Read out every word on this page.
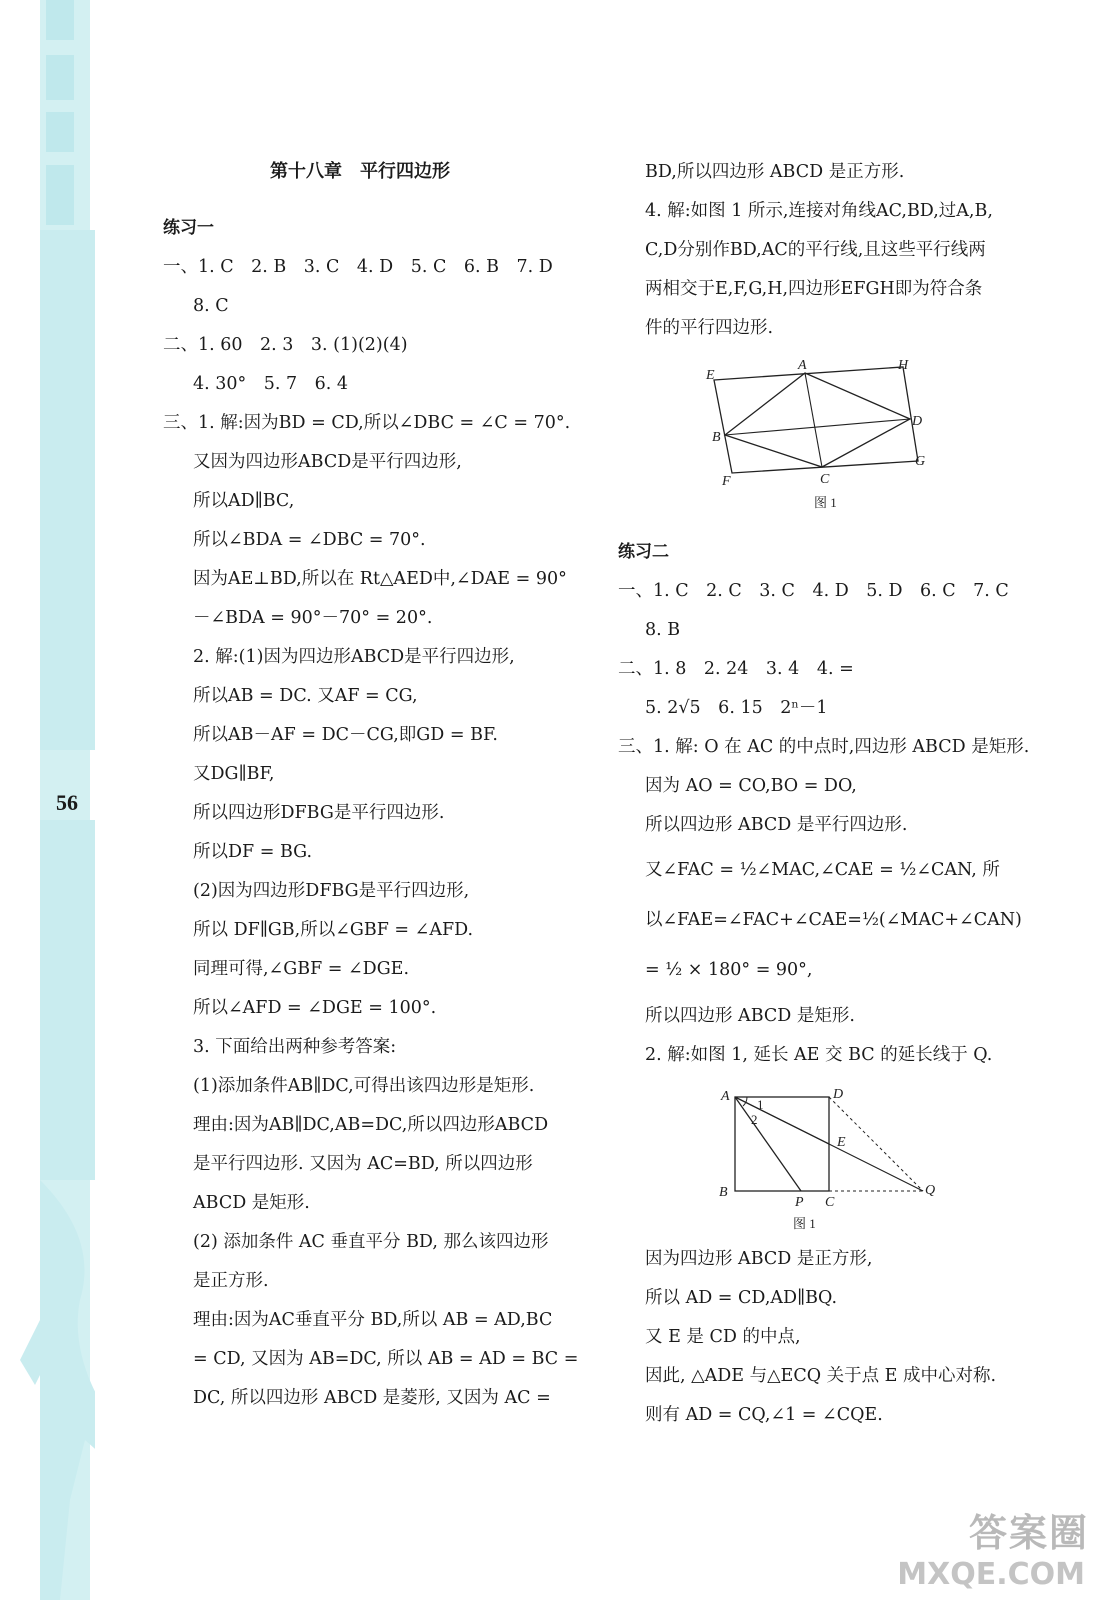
56
第十八章　平行四边形
练习一
一、1. C　2. B　3. C　4. D　5. C　6. B　7. D
8. C
二、1. 60　2. 3　3. (1)(2)(4)
4. 30°　5. 7　6. 4
三、1. 解:因为BD = CD,所以∠DBC = ∠C = 70°.
又因为四边形ABCD是平行四边形,
所以AD∥BC,
所以∠BDA = ∠DBC = 70°.
因为AE⊥BD,所以在 Rt△AED中,∠DAE = 90°
－∠BDA = 90°－70° = 20°.
2. 解:(1)因为四边形ABCD是平行四边形,
所以AB = DC. 又AF = CG,
所以AB－AF = DC－CG,即GD = BF.
又DG∥BF,
所以四边形DFBG是平行四边形.
所以DF = BG.
(2)因为四边形DFBG是平行四边形,
所以 DF∥GB,所以∠GBF = ∠AFD.
同理可得,∠GBF = ∠DGE.
所以∠AFD = ∠DGE = 100°.
3. 下面给出两种参考答案:
(1)添加条件AB∥DC,可得出该四边形是矩形.
理由:因为AB∥DC,AB=DC,所以四边形ABCD
是平行四边形. 又因为 AC=BD, 所以四边形
ABCD 是矩形.
(2) 添加条件 AC 垂直平分 BD, 那么该四边形
是正方形.
理由:因为AC垂直平分 BD,所以 AB = AD,BC
= CD, 又因为 AB=DC, 所以 AB = AD = BC =
DC, 所以四边形 ABCD 是菱形, 又因为 AC =
BD,所以四边形 ABCD 是正方形.
4. 解:如图 1 所示,连接对角线AC,BD,过A,B,
C,D分别作BD,AC的平行线,且这些平行线两
两相交于E,F,G,H,四边形EFGH即为符合条
件的平行四边形.
E
A	H
B
D
F	C
G
图 1
练习二
一、1. C　2. C　3. C　4. D　5. D　6. C　7. C
8. B
二、1. 8　2. 24　3. 4　4. =
5. 2√5　6. 15　2ⁿ－1
三、1. 解: O 在 AC 的中点时,四边形 ABCD 是矩形.
因为 AO = CO,BO = DO,
所以四边形 ABCD 是平行四边形.
又∠FAC = ½∠MAC,∠CAE = ½∠CAN, 所
以∠FAE=∠FAC+∠CAE=½(∠MAC+∠CAN)
= ½ × 180° = 90°,
所以四边形 ABCD 是矩形.
2. 解:如图 1, 延长 AE 交 BC 的延长线于 Q.
A	D
1
2
E
B
P C
Q
图 1
因为四边形 ABCD 是正方形,
所以 AD = CD,AD∥BQ.
又 E 是 CD 的中点,
因此, △ADE 与△ECQ 关于点 E 成中心对称.
则有 AD = CQ,∠1 = ∠CQE.
答案圈
MXQE.COM
